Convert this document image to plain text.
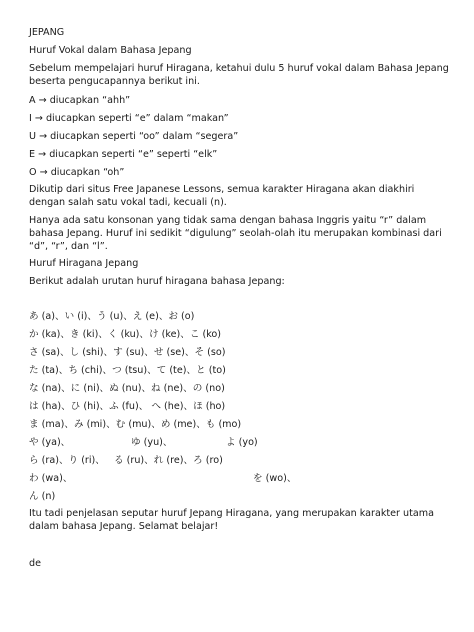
JEPANG
Huruf Vokal dalam Bahasa Jepang
Sebelum mempelajari huruf Hiragana, ketahui dulu 5 huruf vokal dalam Bahasa Jepang beserta pengucapannya berikut ini.
A → diucapkan “ahh”
I → diucapkan seperti “e” dalam “makan”
U → diucapkan seperti “oo” dalam “segera”
E → diucapkan seperti “e” seperti “elk”
O → diucapkan “oh”
Dikutip dari situs Free Japanese Lessons, semua karakter Hiragana akan diakhiri dengan salah satu vokal tadi, kecuali (n).
Hanya ada satu konsonan yang tidak sama dengan bahasa Inggris yaitu “r” dalam bahasa Jepang. Huruf ini sedikit “digulung” seolah-olah itu merupakan kombinasi dari “d”, “r”, dan “l”.
Huruf Hiragana Jepang
Berikut adalah urutan huruf hiragana bahasa Jepang:
あ (a)、い (i)、う (u)、え (e)、お (o)
か (ka)、き (ki)、く (ku)、け (ke)、こ (ko)
さ (sa)、し (shi)、す (su)、せ (se)、そ (so)
た (ta)、ち (chi)、つ (tsu)、て (te)、と (to)
な (na)、に (ni)、ぬ (nu)、ね (ne)、の (no)
は (ha)、ひ (hi)、ふ (fu)、 へ (he)、ほ (ho)
ま (ma)、み (mi)、む (mu)、め (me)、も (mo)
や (ya)、	ゆ (yu)、	よ (yo)
ら (ra)、り (ri)、 る (ru)、れ (re)、ろ (ro)
わ (wa)、	を (wo)、
ん (n)
Itu tadi penjelasan seputar huruf Jepang Hiragana, yang merupakan karakter utama dalam bahasa Jepang. Selamat belajar!
de
